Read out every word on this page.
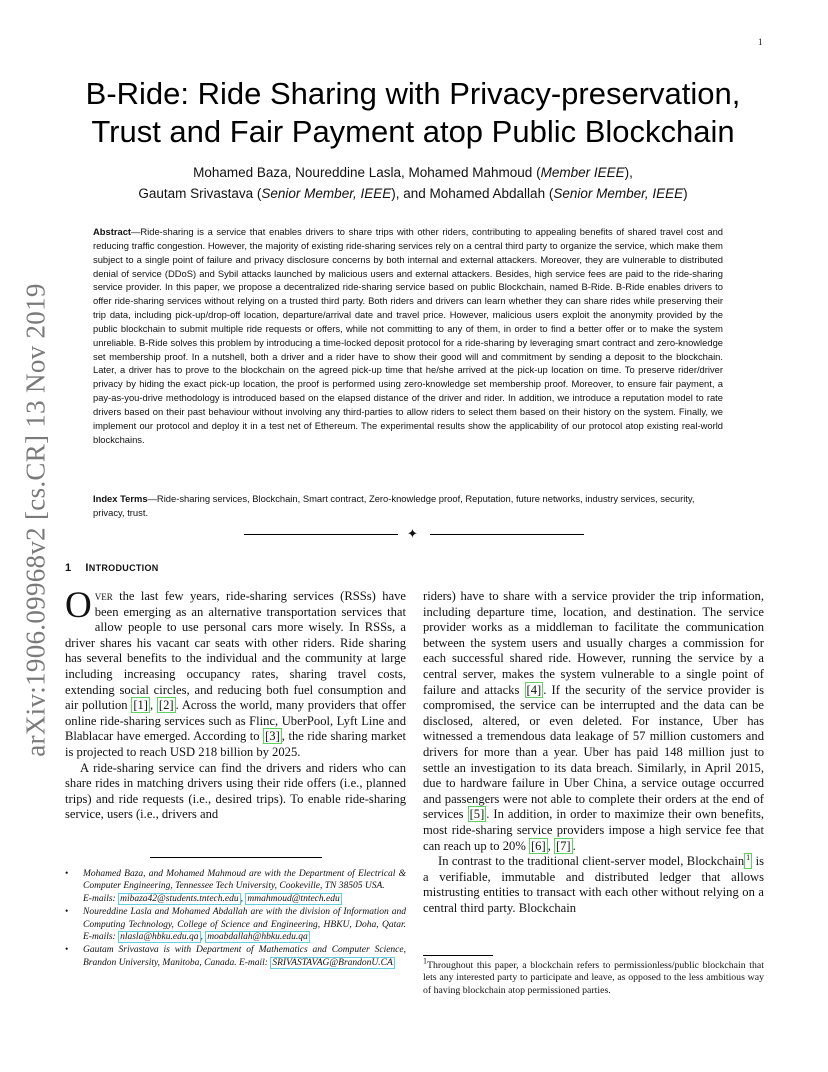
1
arXiv:1906.09968v2 [cs.CR] 13 Nov 2019
B-Ride: Ride Sharing with Privacy-preservation,
Trust and Fair Payment atop Public Blockchain
Mohamed Baza, Noureddine Lasla, Mohamed Mahmoud (Member IEEE),
Gautam Srivastava (Senior Member, IEEE), and Mohamed Abdallah (Senior Member, IEEE)
Abstract—Ride-sharing is a service that enables drivers to share trips with other riders, contributing to appealing benefits of shared travel cost and reducing traffic congestion. However, the majority of existing ride-sharing services rely on a central third party to organize the service, which make them subject to a single point of failure and privacy disclosure concerns by both internal and external attackers. Moreover, they are vulnerable to distributed denial of service (DDoS) and Sybil attacks launched by malicious users and external attackers. Besides, high service fees are paid to the ride-sharing service provider. In this paper, we propose a decentralized ride-sharing service based on public Blockchain, named B-Ride. B-Ride enables drivers to offer ride-sharing services without relying on a trusted third party. Both riders and drivers can learn whether they can share rides while preserving their trip data, including pick-up/drop-off location, departure/arrival date and travel price. However, malicious users exploit the anonymity provided by the public blockchain to submit multiple ride requests or offers, while not committing to any of them, in order to find a better offer or to make the system unreliable. B-Ride solves this problem by introducing a time-locked deposit protocol for a ride-sharing by leveraging smart contract and zero-knowledge set membership proof. In a nutshell, both a driver and a rider have to show their good will and commitment by sending a deposit to the blockchain. Later, a driver has to prove to the blockchain on the agreed pick-up time that he/she arrived at the pick-up location on time. To preserve rider/driver privacy by hiding the exact pick-up location, the proof is performed using zero-knowledge set membership proof. Moreover, to ensure fair payment, a pay-as-you-drive methodology is introduced based on the elapsed distance of the driver and rider. In addition, we introduce a reputation model to rate drivers based on their past behaviour without involving any third-parties to allow riders to select them based on their history on the system. Finally, we implement our protocol and deploy it in a test net of Ethereum. The experimental results show the applicability of our protocol atop existing real-world blockchains.
Index Terms—Ride-sharing services, Blockchain, Smart contract, Zero-knowledge proof, Reputation, future networks, industry services, security, privacy, trust.
✦
1 INTRODUCTION

Over the last few years, ride-sharing services (RSSs) have been emerging as an alternative transportation services that allow people to use personal cars more wisely. In RSSs, a driver shares his vacant car seats with other riders. Ride sharing has several benefits to the individual and the community at large including increasing occupancy rates, sharing travel costs, extending social circles, and reducing both fuel consumption and air pollution [1] , [2] . Across the world, many providers that offer online ride-sharing services such as Flinc, UberPool, Lyft Line and Blablacar have emerged. According to [3] , the ride sharing market is projected to reach USD 218 billion by 2025.

A ride-sharing service can find the drivers and riders who can share rides in matching drivers using their ride offers (i.e., planned trips) and ride requests (i.e., desired trips). To enable ride-sharing service, users (i.e., drivers and

riders) have to share with a service provider the trip information, including departure time, location, and destination. The service provider works as a middleman to facilitate the communication between the system users and usually charges a commission for each successful shared ride. However, running the service by a central server, makes the system vulnerable to a single point of failure and attacks [4] . If the security of the service provider is compromised, the service can be interrupted and the data can be disclosed, altered, or even deleted. For instance, Uber has witnessed a tremendous data leakage of 57 million customers and drivers for more than a year. Uber has paid 148 million just to settle an investigation to its data breach. Similarly, in April 2015, due to hardware failure in Uber China, a service outage occurred and passengers were not able to complete their orders at the end of services [5] . In addition, in order to maximize their own benefits, most ride-sharing service providers impose a high service fee that can reach up to 20% [6] , [7] .

In contrast to the traditional client-server model, Blockchain $^1$ is a verifiable, immutable and distributed ledger that allows mistrusting entities to transact with each other without relying on a central third party. Blockchain

• Mohamed Baza, and Mohamed Mahmoud are with the Department of Electrical & Computer Engineering, Tennessee Tech University, Cookeville, TN 38505 USA.
E-mails: mibaza42@students.tntech.edu , mmahmoud@tntech.edu
• Noureddine Lasla and Mohamed Abdallah are with the division of Information and Computing Technology, College of Science and Engineering, HBKU, Doha, Qatar. E-mails: nlasla@hbku.edu.qa , moabdallah@hbku.edu.qa
• Gautam Srivastava is with Department of Mathematics and Computer Science, Brandon University, Manitoba, Canada. E-mail: SRIVASTAVAG@BrandonU.CA	$^1$Throughout this paper, a blockchain refers to permissionless/public blockchain that lets any interested party to participate and leave, as opposed to the less ambitious way of having blockchain atop permissioned parties.
